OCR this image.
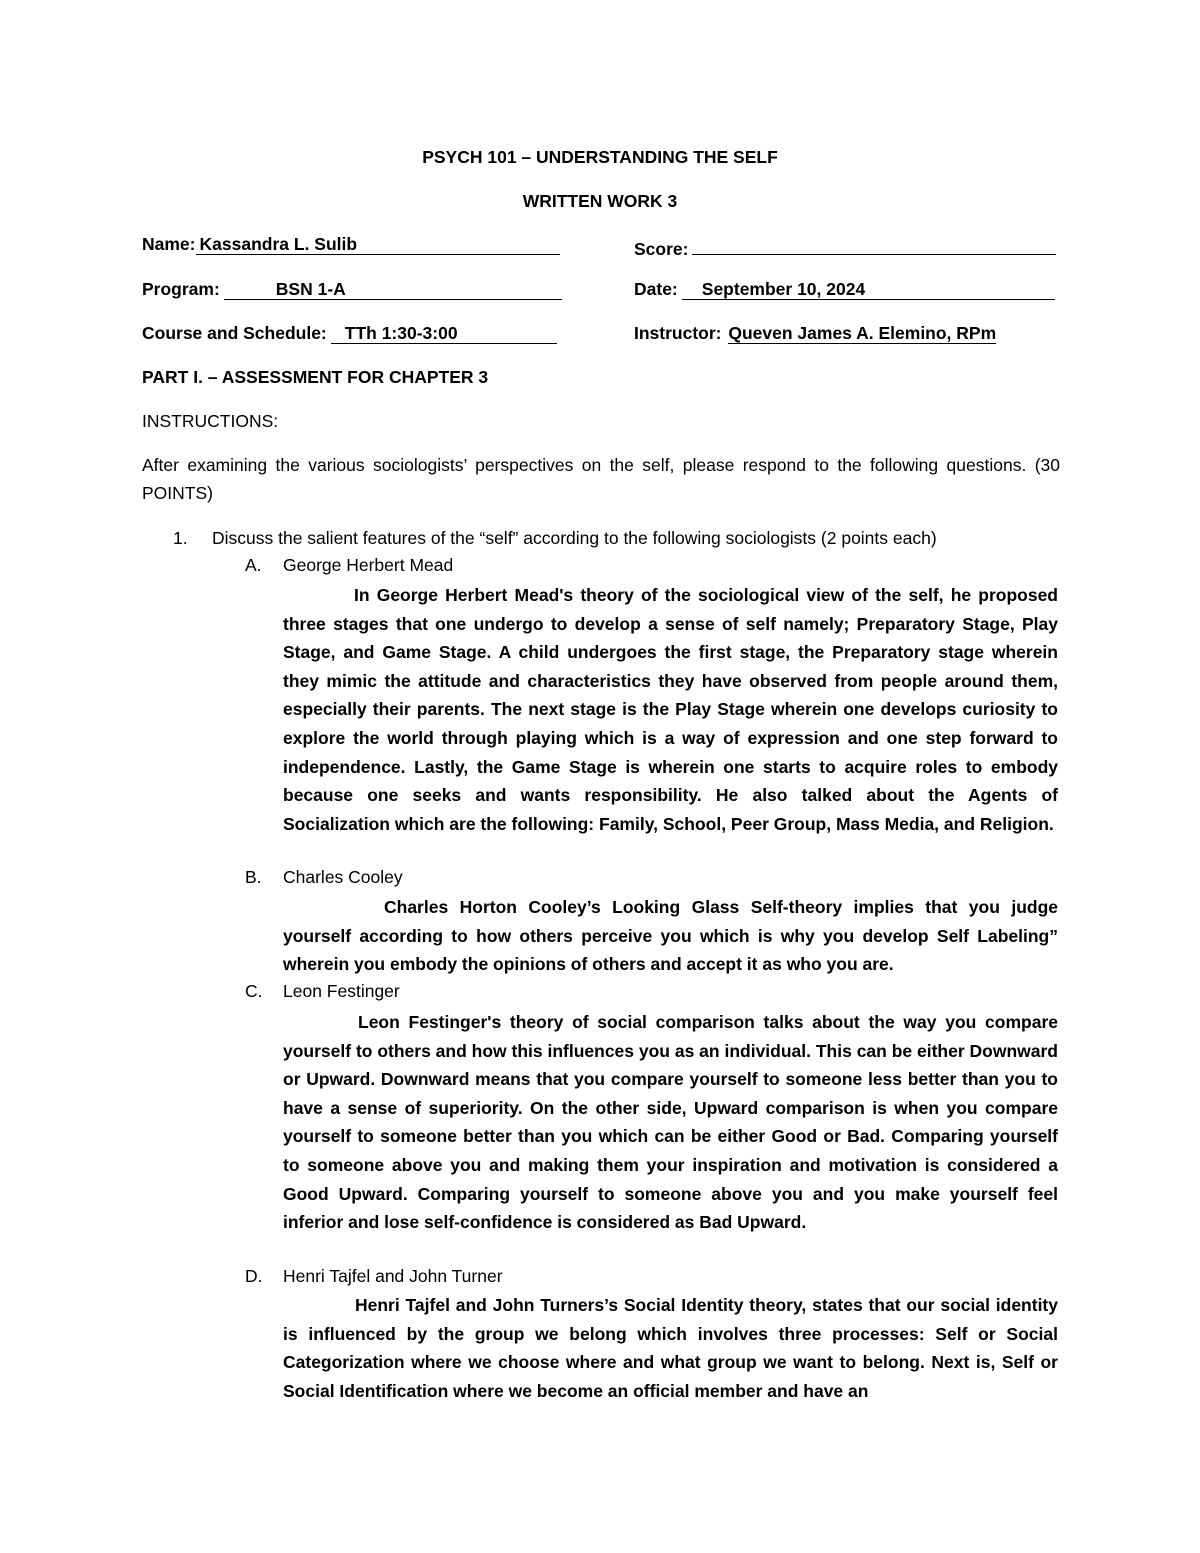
PSYCH 101 – UNDERSTANDING THE SELF
WRITTEN WORK 3
Name: Kassandra L. Sulib	Score:
Program:	BSN 1-A	Date: September 10, 2024
Course and Schedule: TTh 1:30-3:00	Instructor: Queven James A. Elemino, RPm
PART I. – ASSESSMENT FOR CHAPTER 3
INSTRUCTIONS:
After examining the various sociologists’ perspectives on the self, please respond to the following questions. (30 POINTS)
1. Discuss the salient features of the “self” according to the following sociologists (2 points each)
A. George Herbert Mead
In George Herbert Mead's theory of the sociological view of the self, he proposed three stages that one undergo to develop a sense of self namely; Preparatory Stage, Play Stage, and Game Stage. A child undergoes the first stage, the Preparatory stage wherein they mimic the attitude and characteristics they have observed from people around them, especially their parents. The next stage is the Play Stage wherein one develops curiosity to explore the world through playing which is a way of expression and one step forward to independence. Lastly, the Game Stage is wherein one starts to acquire roles to embody because one seeks and wants responsibility. He also talked about the Agents of Socialization which are the following: Family, School, Peer Group, Mass Media, and Religion.
B. Charles Cooley
Charles Horton Cooley’s Looking Glass Self-theory implies that you judge yourself according to how others perceive you which is why you develop Self Labeling” wherein you embody the opinions of others and accept it as who you are.
C. Leon Festinger
Leon Festinger's theory of social comparison talks about the way you compare yourself to others and how this influences you as an individual. This can be either Downward or Upward. Downward means that you compare yourself to someone less better than you to have a sense of superiority. On the other side, Upward comparison is when you compare yourself to someone better than you which can be either Good or Bad. Comparing yourself to someone above you and making them your inspiration and motivation is considered a Good Upward. Comparing yourself to someone above you and you make yourself feel inferior and lose self-confidence is considered as Bad Upward.
D. Henri Tajfel and John Turner
Henri Tajfel and John Turners’s Social Identity theory, states that our social identity is influenced by the group we belong which involves three processes: Self or Social Categorization where we choose where and what group we want to belong. Next is, Self or Social Identification where we become an official member and have an
